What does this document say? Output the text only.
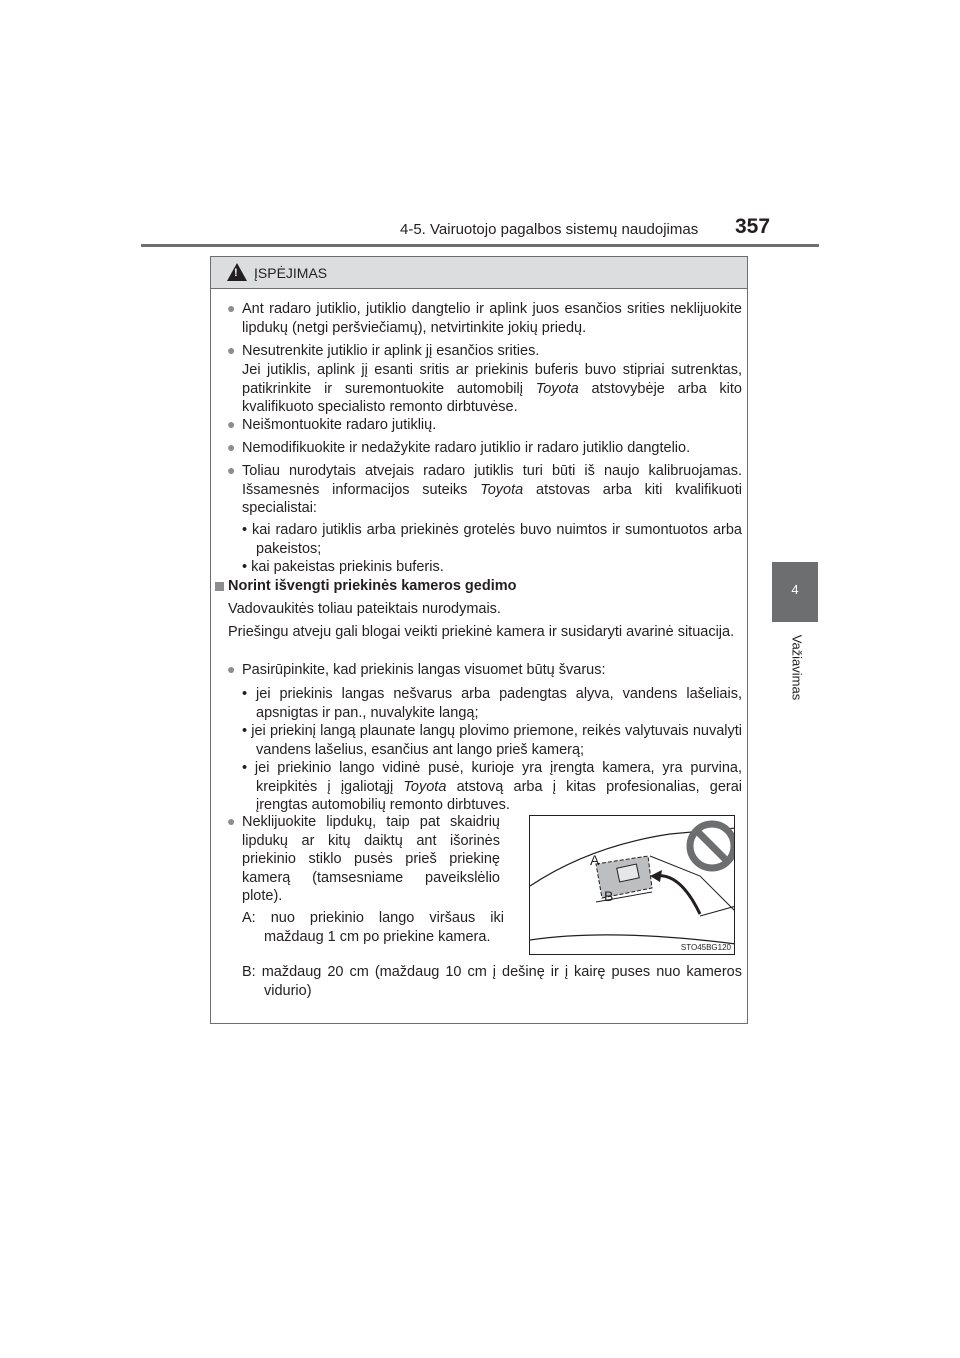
4-5. Vairuotojo pagalbos sistemų naudojimas 357
4
Važiavimas
!
ĮSPĖJIMAS
● Ant radaro jutiklio, jutiklio dangtelio ir aplink juos esančios srities neklijuokite lipdukų (netgi peršviečiamų), netvirtinkite jokių priedų.
● Nesutrenkite jutiklio ir aplink jį esančios srities.
Jei jutiklis, aplink jį esanti sritis ar priekinis buferis buvo stipriai sutrenktas, patikrinkite ir suremontuokite automobilį Toyota atstovybėje arba kito kvalifikuoto specialisto remonto dirbtuvėse.
● Neišmontuokite radaro jutiklių.
● Nemodifikuokite ir nedažykite radaro jutiklio ir radaro jutiklio dangtelio.
● Toliau nurodytais atvejais radaro jutiklis turi būti iš naujo kalibruojamas. Išsamesnės informacijos suteiks Toyota atstovas arba kiti kvalifikuoti specialistai:
• kai radaro jutiklis arba priekinės grotelės buvo nuimtos ir sumontuotos arba pakeistos;
• kai pakeistas priekinis buferis.
Norint išvengti priekinės kameros gedimo
Vadovaukitės toliau pateiktais nurodymais.
Priešingu atveju gali blogai veikti priekinė kamera ir susidaryti avarinė situacija.
● Pasirūpinkite, kad priekinis langas visuomet būtų švarus:
• jei priekinis langas nešvarus arba padengtas alyva, vandens lašeliais, apsnigtas ir pan., nuvalykite langą;
• jei priekinį langą plaunate langų plovimo priemone, reikės valytuvais nuvalyti vandens lašelius, esančius ant lango prieš kamerą;
• jei priekinio lango vidinė pusė, kurioje yra įrengta kamera, yra purvina, kreipkitės į įgaliotąjį Toyota atstovą arba į kitas profesionalias, gerai įrengtas automobilių remonto dirbtuves.
● Neklijuokite lipdukų, taip pat skaidrių lipdukų ar kitų daiktų ant išorinės priekinio stiklo pusės prieš priekinę kamerą (tamsesniame paveikslėlio plote).
A: nuo priekinio lango viršaus iki maždaug 1 cm po priekine kamera.
B: maždaug 20 cm (maždaug 10 cm į dešinę ir į kairę puses nuo kameros vidurio)
A
B
STO45BG120
